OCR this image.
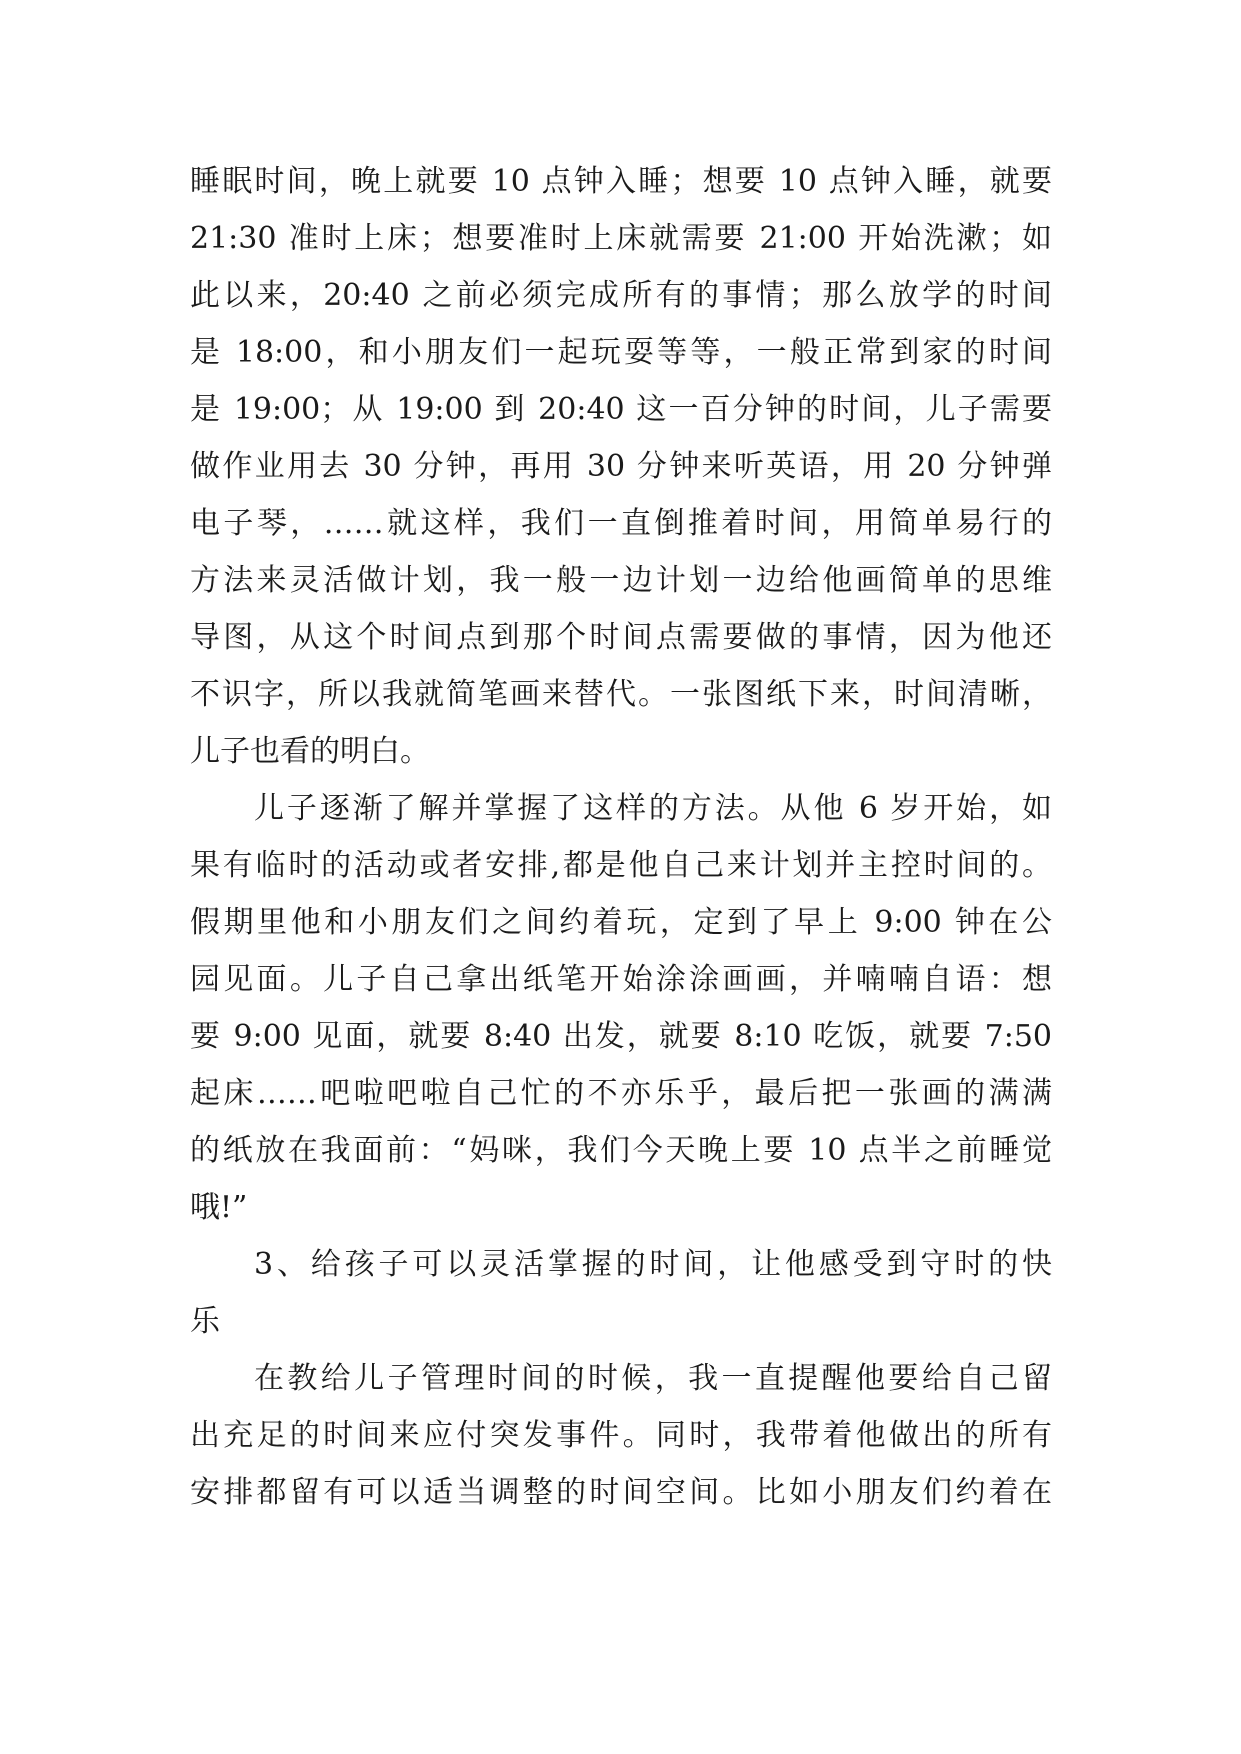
睡眠时间，晚上就要 10 点钟入睡；想要 10 点钟入睡，就要
21:30 准时上床；想要准时上床就需要 21:00 开始洗漱；如
此以来，20:40 之前必须完成所有的事情；那么放学的时间
是 18:00，和小朋友们一起玩耍等等，一般正常到家的时间
是 19:00；从 19:00 到 20:40 这一百分钟的时间，儿子需要
做作业用去 30 分钟，再用 30 分钟来听英语，用 20 分钟弹
电子琴，……就这样，我们一直倒推着时间，用简单易行的
方法来灵活做计划，我一般一边计划一边给他画简单的思维
导图，从这个时间点到那个时间点需要做的事情，因为他还
不识字，所以我就简笔画来替代。一张图纸下来，时间清晰，
儿子也看的明白。
儿子逐渐了解并掌握了这样的方法。从他 6 岁开始，如
果有临时的活动或者安排,都是他自己来计划并主控时间的。
假期里他和小朋友们之间约着玩，定到了早上 9:00 钟在公
园见面。儿子自己拿出纸笔开始涂涂画画，并喃喃自语：想
要 9:00 见面，就要 8:40 出发，就要 8:10 吃饭，就要 7:50
起床……吧啦吧啦自己忙的不亦乐乎，最后把一张画的满满
的纸放在我面前：“妈咪，我们今天晚上要 10 点半之前睡觉
哦!”
3、给孩子可以灵活掌握的时间，让他感受到守时的快
乐
在教给儿子管理时间的时候，我一直提醒他要给自己留
出充足的时间来应付突发事件。同时，我带着他做出的所有
安排都留有可以适当调整的时间空间。比如小朋友们约着在
